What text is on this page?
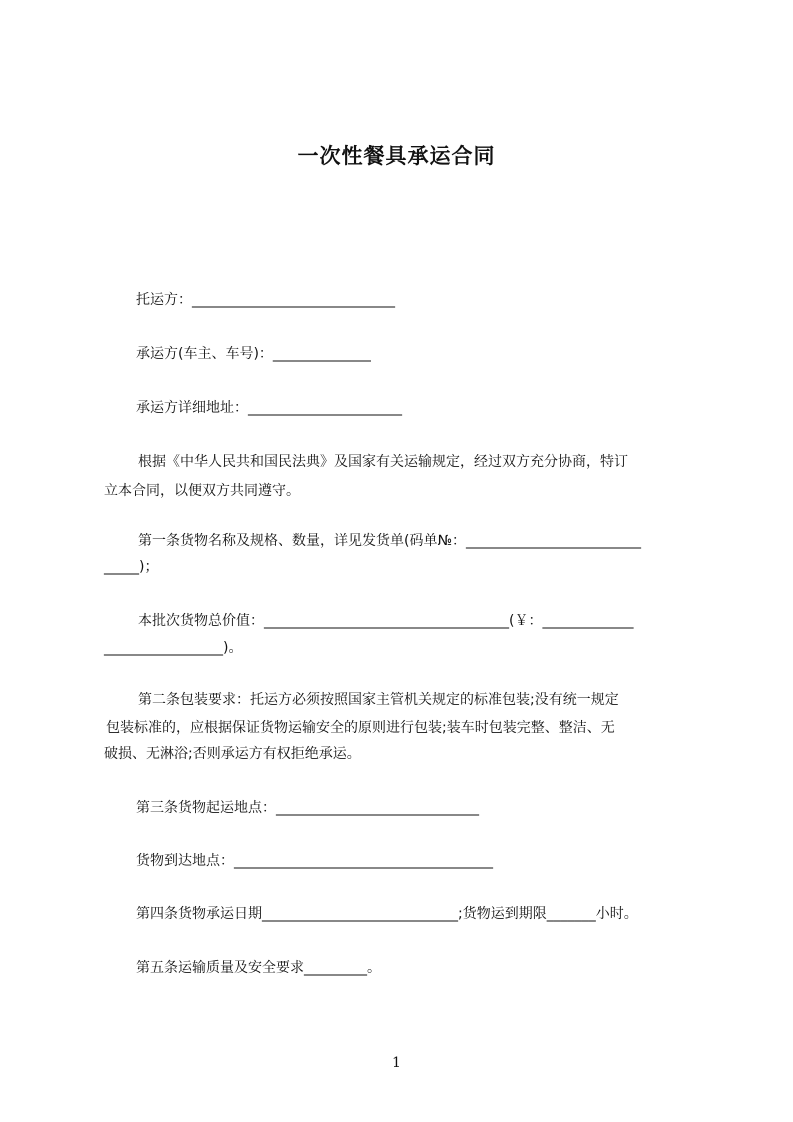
一次性餐具承运合同
托运方：_____________________________
承运方(车主、车号)：______________
承运方详细地址：______________________
根据《中华人民共和国民法典》及国家有关运输规定，经过双方充分协商，特订
立本合同，以便双方共同遵守。
第一条货物名称及规格、数量，详见发货单(码单№：_________________________
_____)；
本批次货物总价值：___________________________________(￥：_____________
_________________)。
第二条包装要求：托运方必须按照国家主管机关规定的标准包装;没有统一规定
包装标准的，应根据保证货物运输安全的原则进行包装;装车时包装完整、整洁、无
破损、无淋浴;否则承运方有权拒绝承运。
第三条货物起运地点：_____________________________
货物到达地点：_____________________________________
第四条货物承运日期____________________________;货物运到期限_______小时。
第五条运输质量及安全要求_________。
1
